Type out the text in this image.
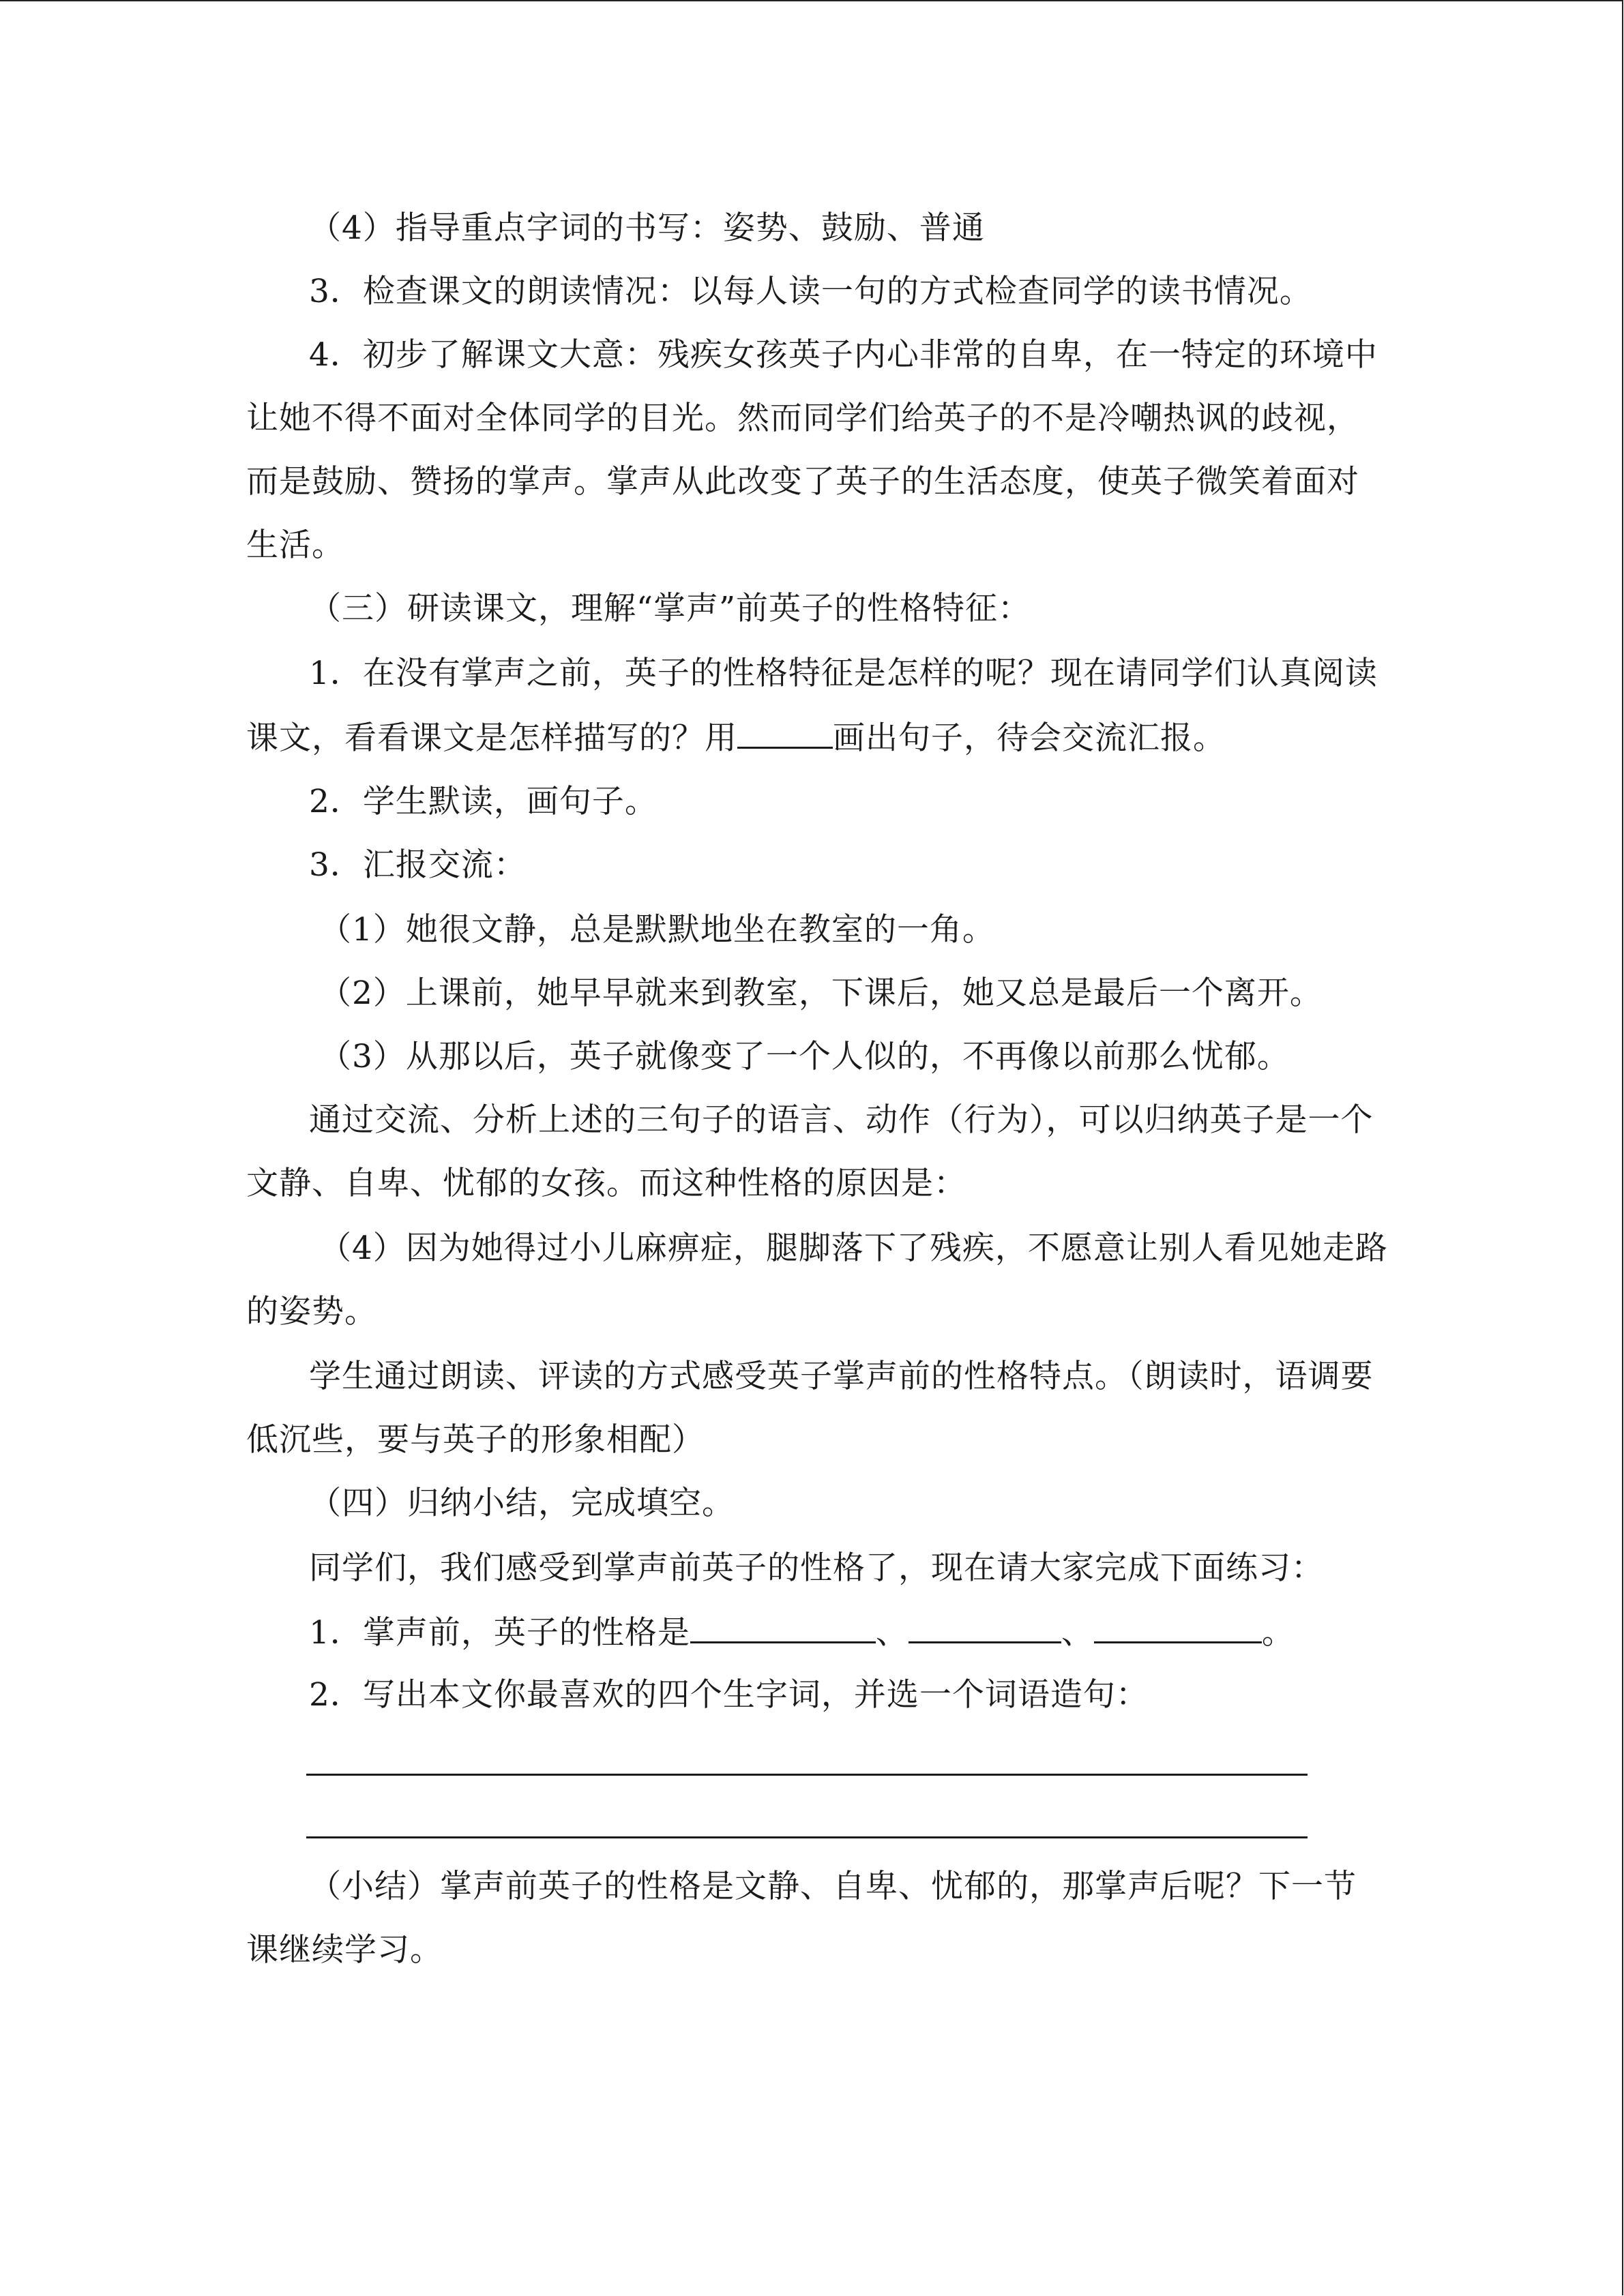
（4）指导重点字词的书写：姿势、鼓励、普通
3．检查课文的朗读情况：以每人读一句的方式检查同学的读书情况。
4．初步了解课文大意：残疾女孩英子内心非常的自卑，在一特定的环境中
让她不得不面对全体同学的目光。然而同学们给英子的不是冷嘲热讽的歧视，
而是鼓励、赞扬的掌声。掌声从此改变了英子的生活态度，使英子微笑着面对
生活。
（三）研读课文，理解“掌声”前英子的性格特征：
1．在没有掌声之前，英子的性格特征是怎样的呢？现在请同学们认真阅读
课文，看看课文是怎样描写的？用	画出句子，待会交流汇报。
2．学生默读，画句子。
3．汇报交流：
（1）她很文静，总是默默地坐在教室的一角。
（2）上课前，她早早就来到教室，下课后，她又总是最后一个离开。
（3）从那以后，英子就像变了一个人似的，不再像以前那么忧郁。
通过交流、分析上述的三句子的语言、动作（行为），可以归纳英子是一个
文静、自卑、忧郁的女孩。而这种性格的原因是：
（4）因为她得过小儿麻痹症，腿脚落下了残疾，不愿意让别人看见她走路
的姿势。
学生通过朗读、评读的方式感受英子掌声前的性格特点。（朗读时，语调要
低沉些，要与英子的形象相配）
（四）归纳小结，完成填空。
同学们，我们感受到掌声前英子的性格了，现在请大家完成下面练习：
1．掌声前，英子的性格是	、	、	。
2．写出本文你最喜欢的四个生字词，并选一个词语造句：
（小结）掌声前英子的性格是文静、自卑、忧郁的，那掌声后呢？下一节
课继续学习。
